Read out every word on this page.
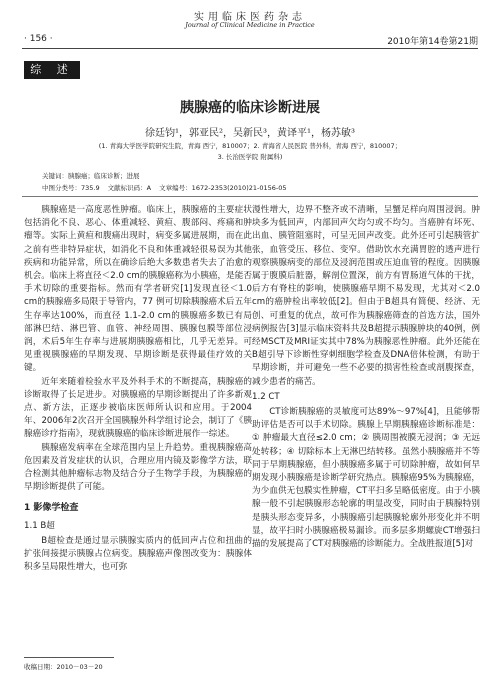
实用临床医药杂志
Journal of Clinical Medicine in Practice
· 156 ·	2010年第14卷第21期
综 述
胰腺癌的临床诊断进展
徐廷钧¹，郭亚民²，吴新民³，黄译平¹，杨苏敏³
(1. 青海大学医学院研究生院，青海 西宁，810007；2. 青海省人民医院 普外科，青海 西宁，810007；
3. 长治医学院 附属科)
关键词：胰腺癌；临床诊断；进展
中图分类号：735.9 文献标识码：A 文章编号：1672-2353(2010)21-0156-05

胰腺癌是一高度恶性肿瘤。临床上，胰腺癌的主要症状包括消化不良、恶心、体重减轻、黄疸、腹部闷、疼痛和肿瘤等。实际上黄疸和腹痛出现时，病变多属进展期，而在此之前有些非特异症状，如消化不良和体重减轻很易误为其他疾病和功能异常，所以在确诊后绝大多数患者失去了治愈的机会。临床上将直径＜2.0 cm的胰腺癌称为小胰癌，是能否手术切除的重要指标。然而有学者研究[1]发现直径＜1.0 cm的胰腺癌多局限于导管内，77 例可切除胰腺癌术后五年生存率达100%，而直径 1.1-2.0 cm的胰腺癌多数已有局部淋巴结、淋巴管、血管、神经周围、胰腺包膜等部位浸润，术后5年生存率与进展期胰腺癌相比，几乎无差异。可见重视胰腺癌的早期发现、早期诊断是获得最佳疗效的关键。

近年来随着检验水平及外科手术的不断提高，胰腺癌的诊断取得了长足进步。对胰腺癌的早期诊断提出了许多新观点、新方法，正逐步被临床医师所认识和应用。于2004年、2006年2次召开全国胰腺外科学组讨论会，制订了《胰腺癌诊疗指南》，现就胰腺癌的临床诊断进展作一综述。

胰腺癌发病率在全球范围内呈上升趋势。重视胰腺癌高危因素及首发症状的认识，合理应用内镜及影像学方法，联合检测其他肿瘤标志物及结合分子生物学手段，为胰腺癌的早期诊断提供了可能。

1 影像学检查
1.1 B超

B超检查是通过显示胰腺实质内的低回声占位和扭曲的扩张间接提示胰腺占位病变。胰腺癌声像图改变为：胰腺体积多呈局限性增大，也可弥

漫性增大，边界不整齐或不清晰，呈蟹足样向周围浸润。肿块多为低回声，内部回声欠均匀或不均匀。当癌肿有坏死、出血、胰管阻塞时，可呈无回声改变。此外还可引起胰管扩张，血管受压、移位、变窄。借助饮水充满胃腔的透声进行观察胰腺病变的部位及浸润范围或压迫血管的程度。因胰腺属于腹膜后脏器，解剖位置深，前方有胃肠道气体的干扰，后方有脊柱的影响，使胰腺癌早期不易发现，尤其对＜2.0 cm的癌肿检出率较低[2]。但由于B超具有简便、经济、无创、可重复的优点，故可作为胰腺癌筛查的首选方法，国外病例报告[3]显示临床资料共及B超提示胰腺肿块的40例，例经MSCT及MRI证实其中78%为胰腺恶性肿瘤。此外还能在B超引导下诊断性穿刺细胞学检查及DNA倍体检测，有助于早期诊断，并可避免一些不必要的损害性检查或剖腹探查，减少患者的痛苦。

1.2 CT

CT诊断胰腺癌的灵敏度可达89%～97%[4]，且能够帮助评估是否可以手术切除。胰腺上早期胰腺癌诊断标准是：① 肿瘤最大直径≤2.0 cm；② 胰周围被膜无浸润；③ 无远处转移；④ 切除标本上无淋巴结转移。虽然小胰腺癌并不等同于早期胰腺癌，但小胰腺癌多属于可切除肿瘤，故如何早期发现小胰腺癌是诊断学研究热点。胰腺癌95%为胰腺癌，为少血供无包膜实性肿瘤，CT平扫多呈略低密度。由于小胰腺一般不引起胰腺形态轮廓的明显改变，同时由于胰腺特别是胰头形态变异多，小胰腺癌引起胰腺轮廓外形变化并不明显，故平扫时小胰腺癌极易漏诊。而多层多期螺旋CT增强扫描的发展提高了CT对胰腺癌的诊断能力。全战胜报道[5]对

收稿日期：2010－03－20
